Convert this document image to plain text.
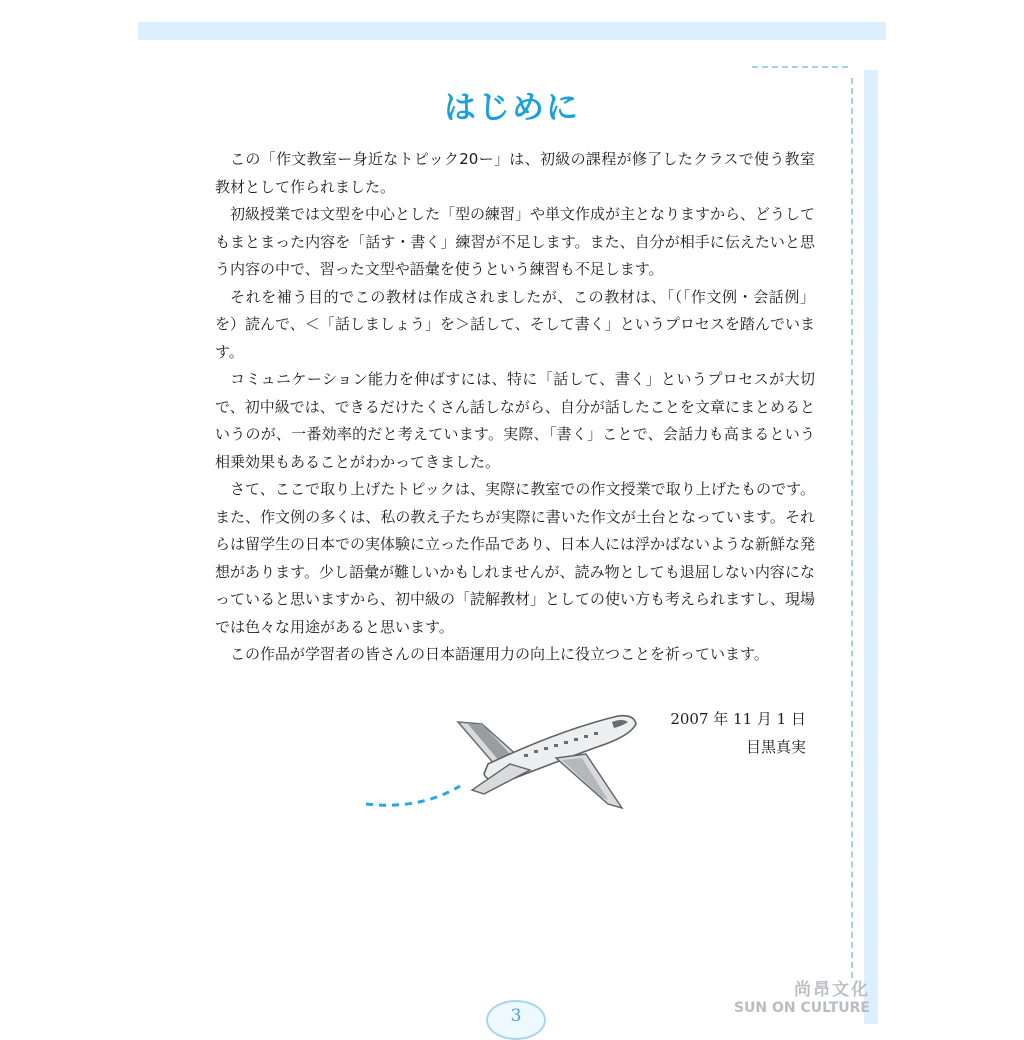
はじめに

この「作文教室ー身近なトピック20ー」は、初級の課程が修了したクラスで使う教室教材として作られました。

初級授業では文型を中心とした「型の練習」や単文作成が主となりますから、どうしてもまとまった内容を「話す・書く」練習が不足します。また、自分が相手に伝えたいと思う内容の中で、習った文型や語彙を使うという練習も不足します。

それを補う目的でこの教材は作成されましたが、この教材は、「（「作文例・会話例」を）読んで、＜「話しましょう」を＞話して、そして書く」というプロセスを踏んでいます。

コミュニケーション能力を伸ばすには、特に「話して、書く」というプロセスが大切で、初中級では、できるだけたくさん話しながら、自分が話したことを文章にまとめるというのが、一番効率的だと考えています。実際、「書く」ことで、会話力も高まるという相乗効果もあることがわかってきました。

さて、ここで取り上げたトピックは、実際に教室での作文授業で取り上げたものです。また、作文例の多くは、私の教え子たちが実際に書いた作文が土台となっています。それらは留学生の日本での実体験に立った作品であり、日本人には浮かばないような新鮮な発想があります。少し語彙が難しいかもしれませんが、読み物としても退屈しない内容になっていると思いますから、初中級の「読解教材」としての使い方も考えられますし、現場では色々な用途があると思います。

この作品が学習者の皆さんの日本語運用力の向上に役立つことを祈っています。

2007 年 11 月 1 日
目黒真実
3
尚昂文化
SUN ON CULTURE
